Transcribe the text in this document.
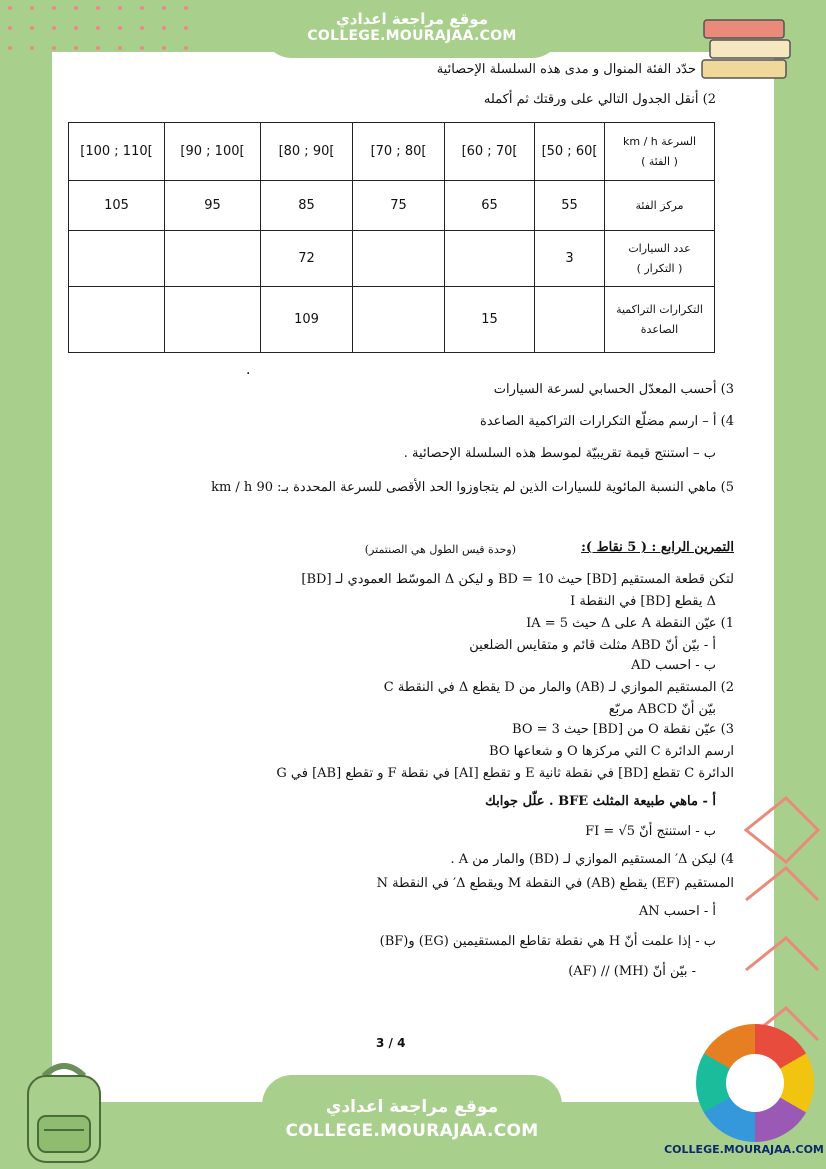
موقع مراجعة اعدادي
COLLEGE.MOURAJAA.COM
حدّد الفئة المنوال و مدى هذه السلسلة الإحصائية
2) أنقل الجدول التالي على ورقتك ثم أكمله
[100 ; 110[	[90 ; 100[	[80 ; 90[	[70 ; 80[	[60 ; 70[	[50 ; 60[	السرعة km / h
( الفئة )

105	95	85	75	65	55	مركز الفئة
		72			3	عدد السيارات
( التكرار )

		109		15		التكرارات التراكمية
الصاعدة
.
3) أحسب المعدّل الحسابي لسرعة السيارات
4) أ – ارسم مضلّع التكرارات التراكمية الصاعدة
ب – استنتج قيمة تقريبيّة لموسط هذه السلسلة الإحصائية .
5) ماهي النسبة المائوية للسيارات الذين لم يتجاوزوا الحد الأقصى للسرعة المحددة بـ: 90 km / h
التمرين الرابع : ( 5 نقاط ):
(وحدة قيس الطول هي الصنتمتر)
لتكن قطعة المستقيم [BD] حيث BD = 10 و ليكن Δ الموسّط العمودي لـ [BD]
Δ يقطع [BD] في النقطة I
1) عيّن النقطة A على Δ حيث IA = 5
أ - بيّن أنّ ABD مثلث قائم و متقايس الضلعين
ب - احسب AD
2) المستقيم الموازي لـ (AB) والمار من D يقطع Δ في النقطة C
بيّن أنّ ABCD مربّع
3) عيّن نقطة O من [BD] حيث BO = 3
ارسم الدائرة C التي مركزها O و شعاعها BO
الدائرة C تقطع [BD] في نقطة ثانية E و تقطع [AI] في نقطة F و تقطع [AB] في G
أ - ماهي طبيعة المثلث BFE . علّل جوابك
ب - استنتج أنّ FI = √5
4) ليكن Δ′ المستقيم الموازي لـ (BD) والمار من A .
المستقيم (EF) يقطع (AB) في النقطة M ويقطع Δ′ في النقطة N
أ - احسب AN
ب - إذا علمت أنّ H هي نقطة تقاطع المستقيمين (EG) و(BF)
- بيّن أنّ (MH) // (AF)
3 / 4
موقع مراجعة اعدادي
COLLEGE.MOURAJAA.COM
COLLEGE.MOURAJAA.COM
